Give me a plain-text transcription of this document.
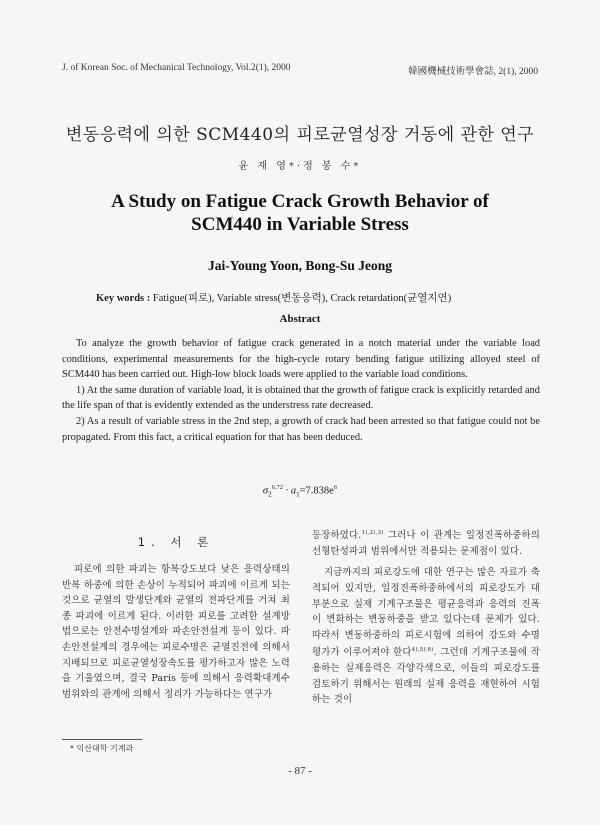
J. of Korean Soc. of Mechanical Technology, Vol.2(1), 2000	韓國機械技術學會誌, 2(1), 2000
변동응력에 의한 SCM440의 피로균열성장 거동에 관한 연구
윤 재 영*·정 봉 수*
A Study on Fatigue Crack Growth Behavior of
SCM440 in Variable Stress
Jai-Young Yoon, Bong-Su Jeong
Key words : Fatigue(피로), Variable stress(변동응력), Crack retardation(균열지연)
Abstract

To analyze the growth behavior of fatigue crack generated in a notch material under the variable load conditions, experimental measurements for the high-cycle rotary bending fatigue utilizing alloyed steel of SCM440 has been carried out. High-low block loads were applied to the variable load conditions.

1) At the same duration of variable load, it is obtained that the growth of fatigue crack is explicitly retarded and the life span of that is evidently extended as the understress rate decreased.

2) As a result of variable stress in the 2nd step, a growth of crack had been arrested so that fatigue could not be propagated. From this fact, a critical equation for that has been deduced.

$\sigma_2^{6.72} \cdot a_1=7.838e^6$
1. 서 론

피로에 의한 파괴는 항복강도보다 낮은 응력상태의 반복 하중에 의한 손상이 누적되어 파괴에 이르게 되는 것으로 균열의 발생단계와 균열의 전파단계를 거쳐 최종 파괴에 이르게 된다. 이러한 피로를 고려한 설계방법으로는 안전수명설계와 파손안전설계 등이 있다. 파손안전설계의 경우에는 피로수명은 균열진전에 의해서 지배되므로 피로균열성장속도를 평가하고자 많은 노력을 기울였으며, 결국 Paris 등에 의해서 응력확대계수범위와의 관계에 의해서 정리가 가능하다는 연구가

등장하였다.$^{1),2),3)}$ 그러나 이 관계는 일정진폭하중하의 선형탄성파괴 범위에서만 적용되는 문제점이 있다.

지금까지의 피로강도에 대한 연구는 많은 자료가 축적되어 있지만, 일정진폭하중하에서의 피로강도가 대부분으로 실제 기계구조물은 평균응력과 응력의 진폭이 변화하는 변동하중을 받고 있다는데 문제가 있다. 따라서 변동하중하의 피로시험에 의하여 강도와 수명 평가가 이루어져야 한다$^{4),5),6)}$. 그런데 기계구조물에 작용하는 실제응력은 각양각색으로, 이들의 피로강도를 검토하기 위해서는 원래의 실제 응력을 재현하여 시험하는 것이

* 익산대학 기계과
- 87 -
